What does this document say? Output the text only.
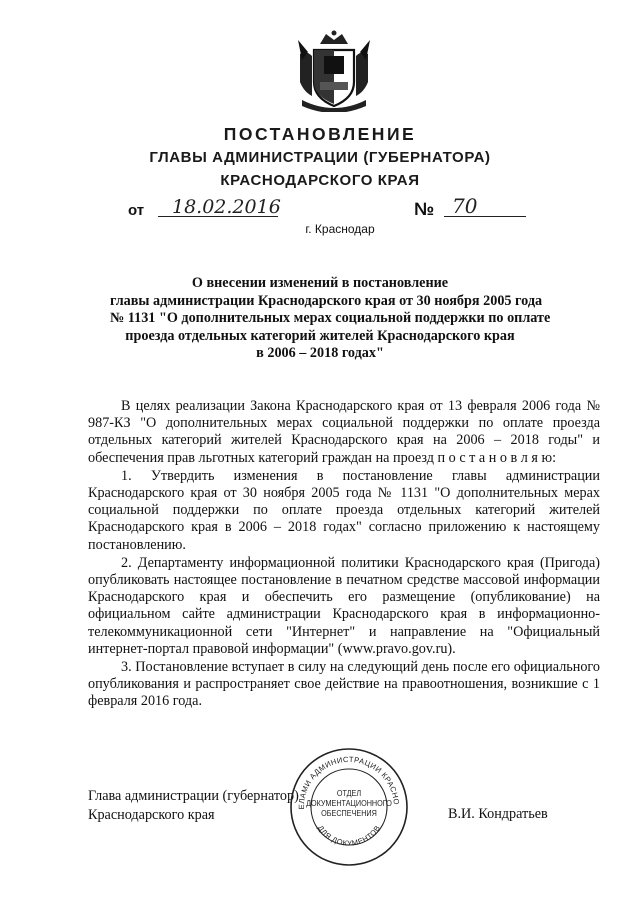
ПОСТАНОВЛЕНИЕ
ГЛАВЫ АДМИНИСТРАЦИИ (ГУБЕРНАТОРА)
КРАСНОДАРСКОГО КРАЯ
от 18.02.2016	№ 70
г. Краснодар
О внесении изменений в постановление
главы администрации Краснодарского края от 30 ноября 2005 года
№ 1131 "О дополнительных мерах социальной поддержки по оплате
проезда отдельных категорий жителей Краснодарского края
в 2006 – 2018 годах"

В целях реализации Закона Краснодарского края от 13 февраля 2006 года № 987-КЗ "О дополнительных мерах социальной поддержки по оплате проезда отдельных категорий жителей Краснодарского края на 2006 – 2018 годы" и обеспечения прав льготных категорий граждан на проезд п о с т а н о в л я ю:

1. Утвердить изменения в постановление главы администрации Краснодарского края от 30 ноября 2005 года № 1131 "О дополнительных мерах социальной поддержки по оплате проезда отдельных категорий жителей Краснодарского края в 2006 – 2018 годах" согласно приложению к настоящему постановлению.

2. Департаменту информационной политики Краснодарского края (Пригода) опубликовать настоящее постановление в печатном средстве массовой информации Краснодарского края и обеспечить его размещение (опубликование) на официальном сайте администрации Краснодарского края в информационно-телекоммуникационной сети "Интернет" и направление на "Официальный интернет-портал правовой информации" (www.pravo.gov.ru).

3. Постановление вступает в силу на следующий день после его официального опубликования и распространяет свое действие на правоотношения, возникшие с 1 февраля 2016 года.

Глава администрации (губернатор)
Краснодарского края	В.И. Кондратьев
ЕЛАМИ АДМИНИСТРАЦИИ КРАСНО
ДЛЯ ДОКУМЕНТОВ
ОТДЕЛ
ДОКУМЕНТАЦИОННОГО
ОБЕСПЕЧЕНИЯ
